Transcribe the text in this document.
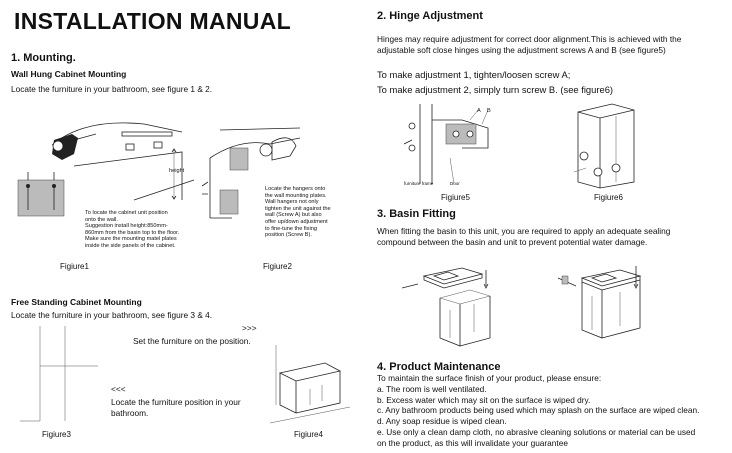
INSTALLATION MANUAL
1. Mounting.
Wall Hung Cabinet Mounting
Locate the furniture in your bathroom, see figure 1 & 2.
height
To locate the cabinet unit position
onto the wall.
Suggestion install height:850mm-
860mm from the basin top to the floor.
Make sure the mounting matel plates
inside the side panels of the cabinet.
Locate the hangers onto
the wall mounting plates.
Wall hangers not only
tighten the unit against the
wall (Screw A) but also
offer up/down adjustment
to fine-tune the fixing
position (Screw B).
Figiure1	Figiure2
Free Standing Cabinet Mounting
Locate the furniture in your bathroom, see figure 3 & 4.
>>>
Set the furniture on the position.
<<<
Locate the furniture position in your
bathroom.
Figiure3	Figiure4
2. Hinge Adjustment
Hinges may require adjustment for correct door alignment.This is achieved with the
adjustable soft close hinges using the adjustment screws A and B (see figure5)
To make adjustment 1, tighten/loosen screw A;
To make adjustment 2, simply turn screw B. (see figure6)
A B
furniture frame	Door
Figiure5	Figiure6
3. Basin Fitting
When fitting the basin to this unit, you are required to apply an adequate sealing
compound between the basin and unit to prevent potential water damage.
4. Product Maintenance
To maintain the surface finish of your product, please ensure:
a. The room is well ventilated.
b. Excess water which may sit on the surface is wiped dry.
c. Any bathroom products being used which may splash on the surface are wiped clean.
d. Any soap residue is wiped clean.
e. Use only a clean damp cloth, no abrasive cleaning solutions or material can be used
on the product, as this will invalidate your guarantee
